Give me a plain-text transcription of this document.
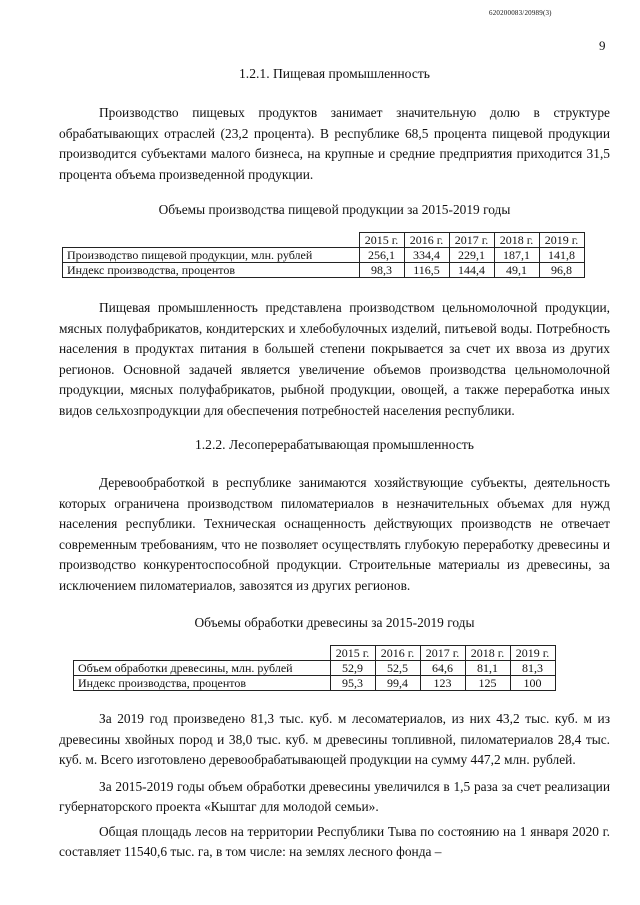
620200083/20989(3)
9

1.2.1. Пищевая промышленность

Производство пищевых продуктов занимает значительную долю в структуре обрабатывающих отраслей (23,2 процента). В республике 68,5 процента пищевой продукции производится субъектами малого бизнеса, на крупные и средние предприятия приходится 31,5 процента объема произведенной продукции.

Объемы производства пищевой продукции за 2015-2019 годы

	2015 г.	2016 г.	2017 г.	2018 г.	2019 г.
Производство пищевой продукции, млн. рублей	256,1	334,4	229,1	187,1	141,8
Индекс производства, процентов	98,3	116,5	144,4	49,1	96,8

Пищевая промышленность представлена производством цельномолочной продукции, мясных полуфабрикатов, кондитерских и хлебобулочных изделий, питьевой воды. Потребность населения в продуктах питания в большей степени покрывается за счет их ввоза из других регионов. Основной задачей является увеличение объемов производства цельномолочной продукции, мясных полуфабрикатов, рыбной продукции, овощей, а также переработка иных видов сельхозпродукции для обеспечения потребностей населения республики.

1.2.2. Лесоперерабатывающая промышленность

Деревообработкой в республике занимаются хозяйствующие субъекты, деятельность которых ограничена производством пиломатериалов в незначительных объемах для нужд населения республики. Техническая оснащенность действующих производств не отвечает современным требованиям, что не позволяет осуществлять глубокую переработку древесины и производство конкурентоспособной продукции. Строительные материалы из древесины, за исключением пиломатериалов, завозятся из других регионов.

Объемы обработки древесины за 2015-2019 годы

	2015 г.	2016 г.	2017 г.	2018 г.	2019 г.
Объем обработки древесины, млн. рублей	52,9	52,5	64,6	81,1	81,3
Индекс производства, процентов	95,3	99,4	123	125	100

За 2019 год произведено 81,3 тыс. куб. м лесоматериалов, из них 43,2 тыс. куб. м из древесины хвойных пород и 38,0 тыс. куб. м древесины топливной, пиломатериалов 28,4 тыс. куб. м. Всего изготовлено деревообрабатывающей продукции на сумму 447,2 млн. рублей.

За 2015-2019 годы объем обработки древесины увеличился в 1,5 раза за счет реализации губернаторского проекта «Кыштаг для молодой семьи».

Общая площадь лесов на территории Республики Тыва по состоянию на 1 января 2020 г. составляет 11540,6 тыс. га, в том числе: на землях лесного фонда –
